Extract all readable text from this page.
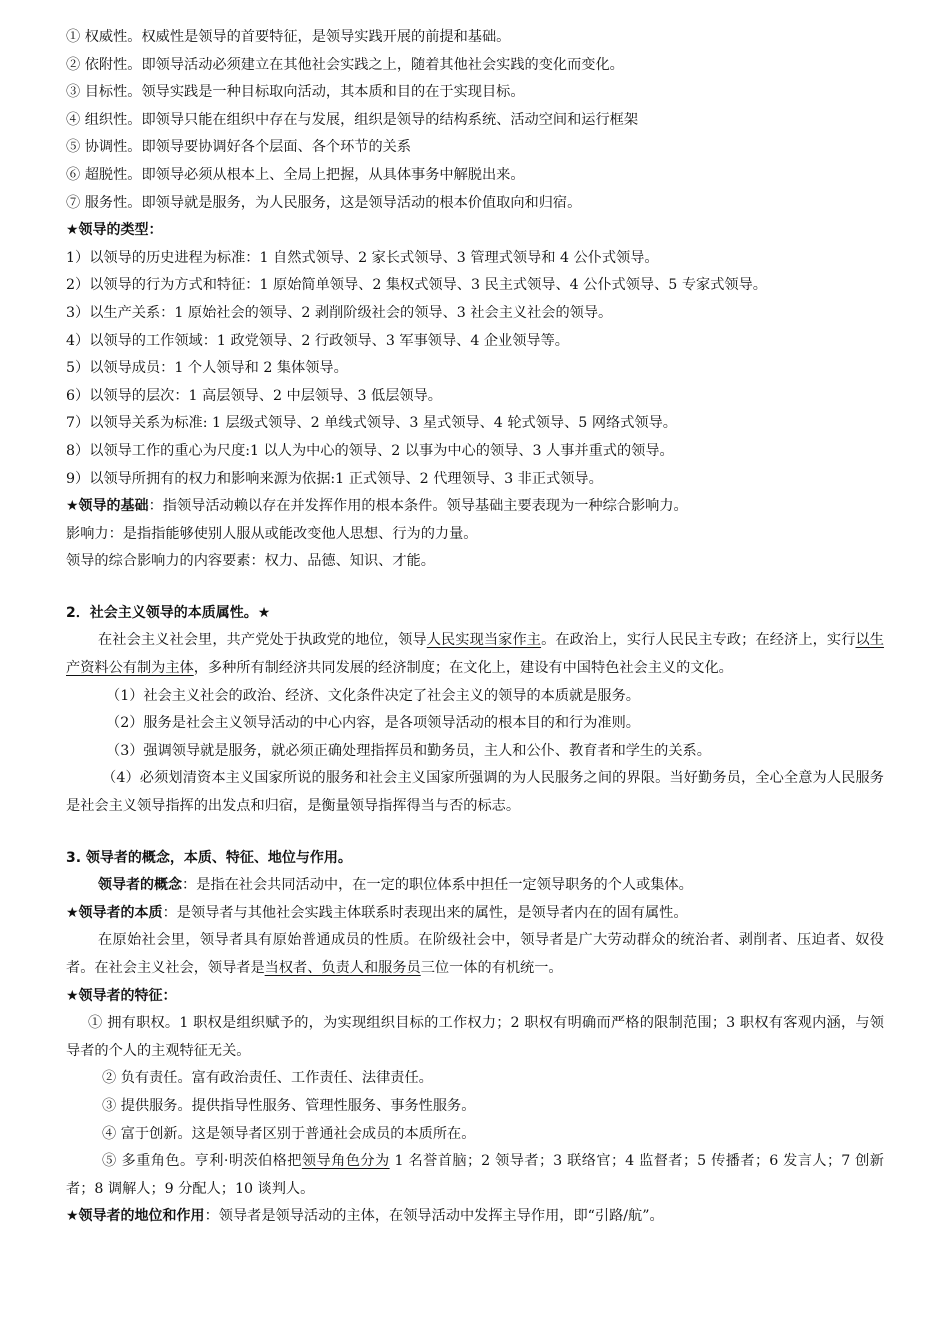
① 权威性。权威性是领导的首要特征，是领导实践开展的前提和基础。
② 依附性。即领导活动必须建立在其他社会实践之上，随着其他社会实践的变化而变化。
③ 目标性。领导实践是一种目标取向活动，其本质和目的在于实现目标。
④ 组织性。即领导只能在组织中存在与发展，组织是领导的结构系统、活动空间和运行框架
⑤ 协调性。即领导要协调好各个层面、各个环节的关系
⑥ 超脱性。即领导必须从根本上、全局上把握，从具体事务中解脱出来。
⑦ 服务性。即领导就是服务，为人民服务，这是领导活动的根本价值取向和归宿。
★领导的类型：
1）以领导的历史进程为标准：1 自然式领导、2 家长式领导、3 管理式领导和 4 公仆式领导。
2）以领导的行为方式和特征：1 原始简单领导、2 集权式领导、3 民主式领导、4 公仆式领导、5 专家式领导。
3）以生产关系：1 原始社会的领导、2 剥削阶级社会的领导、3 社会主义社会的领导。
4）以领导的工作领域：1 政党领导、2 行政领导、3 军事领导、4 企业领导等。
5）以领导成员：1 个人领导和 2 集体领导。
6）以领导的层次：1 高层领导、2 中层领导、3 低层领导。
7）以领导关系为标准: 1 层级式领导、2 单线式领导、3 星式领导、4 轮式领导、5 网络式领导。
8）以领导工作的重心为尺度:1 以人为中心的领导、2 以事为中心的领导、3 人事并重式的领导。
9）以领导所拥有的权力和影响来源为依据:1 正式领导、2 代理领导、3 非正式领导。
★领导的基础：指领导活动赖以存在并发挥作用的根本条件。领导基础主要表现为一种综合影响力。
影响力：是指指能够使别人服从或能改变他人思想、行为的力量。
领导的综合影响力的内容要素：权力、品德、知识、才能。
2．社会主义领导的本质属性。★
在社会主义社会里，共产党处于执政党的地位，领导人民实现当家作主。在政治上，实行人民民主专政；在经济上，实行以生产资料公有制为主体，多种所有制经济共同发展的经济制度；在文化上，建设有中国特色社会主义的文化。
（1）社会主义社会的政治、经济、文化条件决定了社会主义的领导的本质就是服务。
（2）服务是社会主义领导活动的中心内容，是各项领导活动的根本目的和行为准则。
（3）强调领导就是服务，就必须正确处理指挥员和勤务员，主人和公仆、教育者和学生的关系。
（4）必须划清资本主义国家所说的服务和社会主义国家所强调的为人民服务之间的界限。当好勤务员，全心全意为人民服务是社会主义领导指挥的出发点和归宿，是衡量领导指挥得当与否的标志。
3. 领导者的概念，本质、特征、地位与作用。
领导者的概念：是指在社会共同活动中，在一定的职位体系中担任一定领导职务的个人或集体。
★领导者的本质：是领导者与其他社会实践主体联系时表现出来的属性，是领导者内在的固有属性。
在原始社会里，领导者具有原始普通成员的性质。在阶级社会中，领导者是广大劳动群众的统治者、剥削者、压迫者、奴役者。在社会主义社会，领导者是当权者、负责人和服务员三位一体的有机统一。
★领导者的特征：
① 拥有职权。1 职权是组织赋予的，为实现组织目标的工作权力；2 职权有明确而严格的限制范围；3 职权有客观内涵，与领导者的个人的主观特征无关。
② 负有责任。富有政治责任、工作责任、法律责任。
③ 提供服务。提供指导性服务、管理性服务、事务性服务。
④ 富于创新。这是领导者区别于普通社会成员的本质所在。
⑤ 多重角色。亨利·明茨伯格把领导角色分为 1 名誉首脑；2 领导者；3 联络官；4 监督者；5 传播者；6 发言人；7 创新者；8 调解人；9 分配人；10 谈判人。
★领导者的地位和作用：领导者是领导活动的主体，在领导活动中发挥主导作用，即“引路/航”。
